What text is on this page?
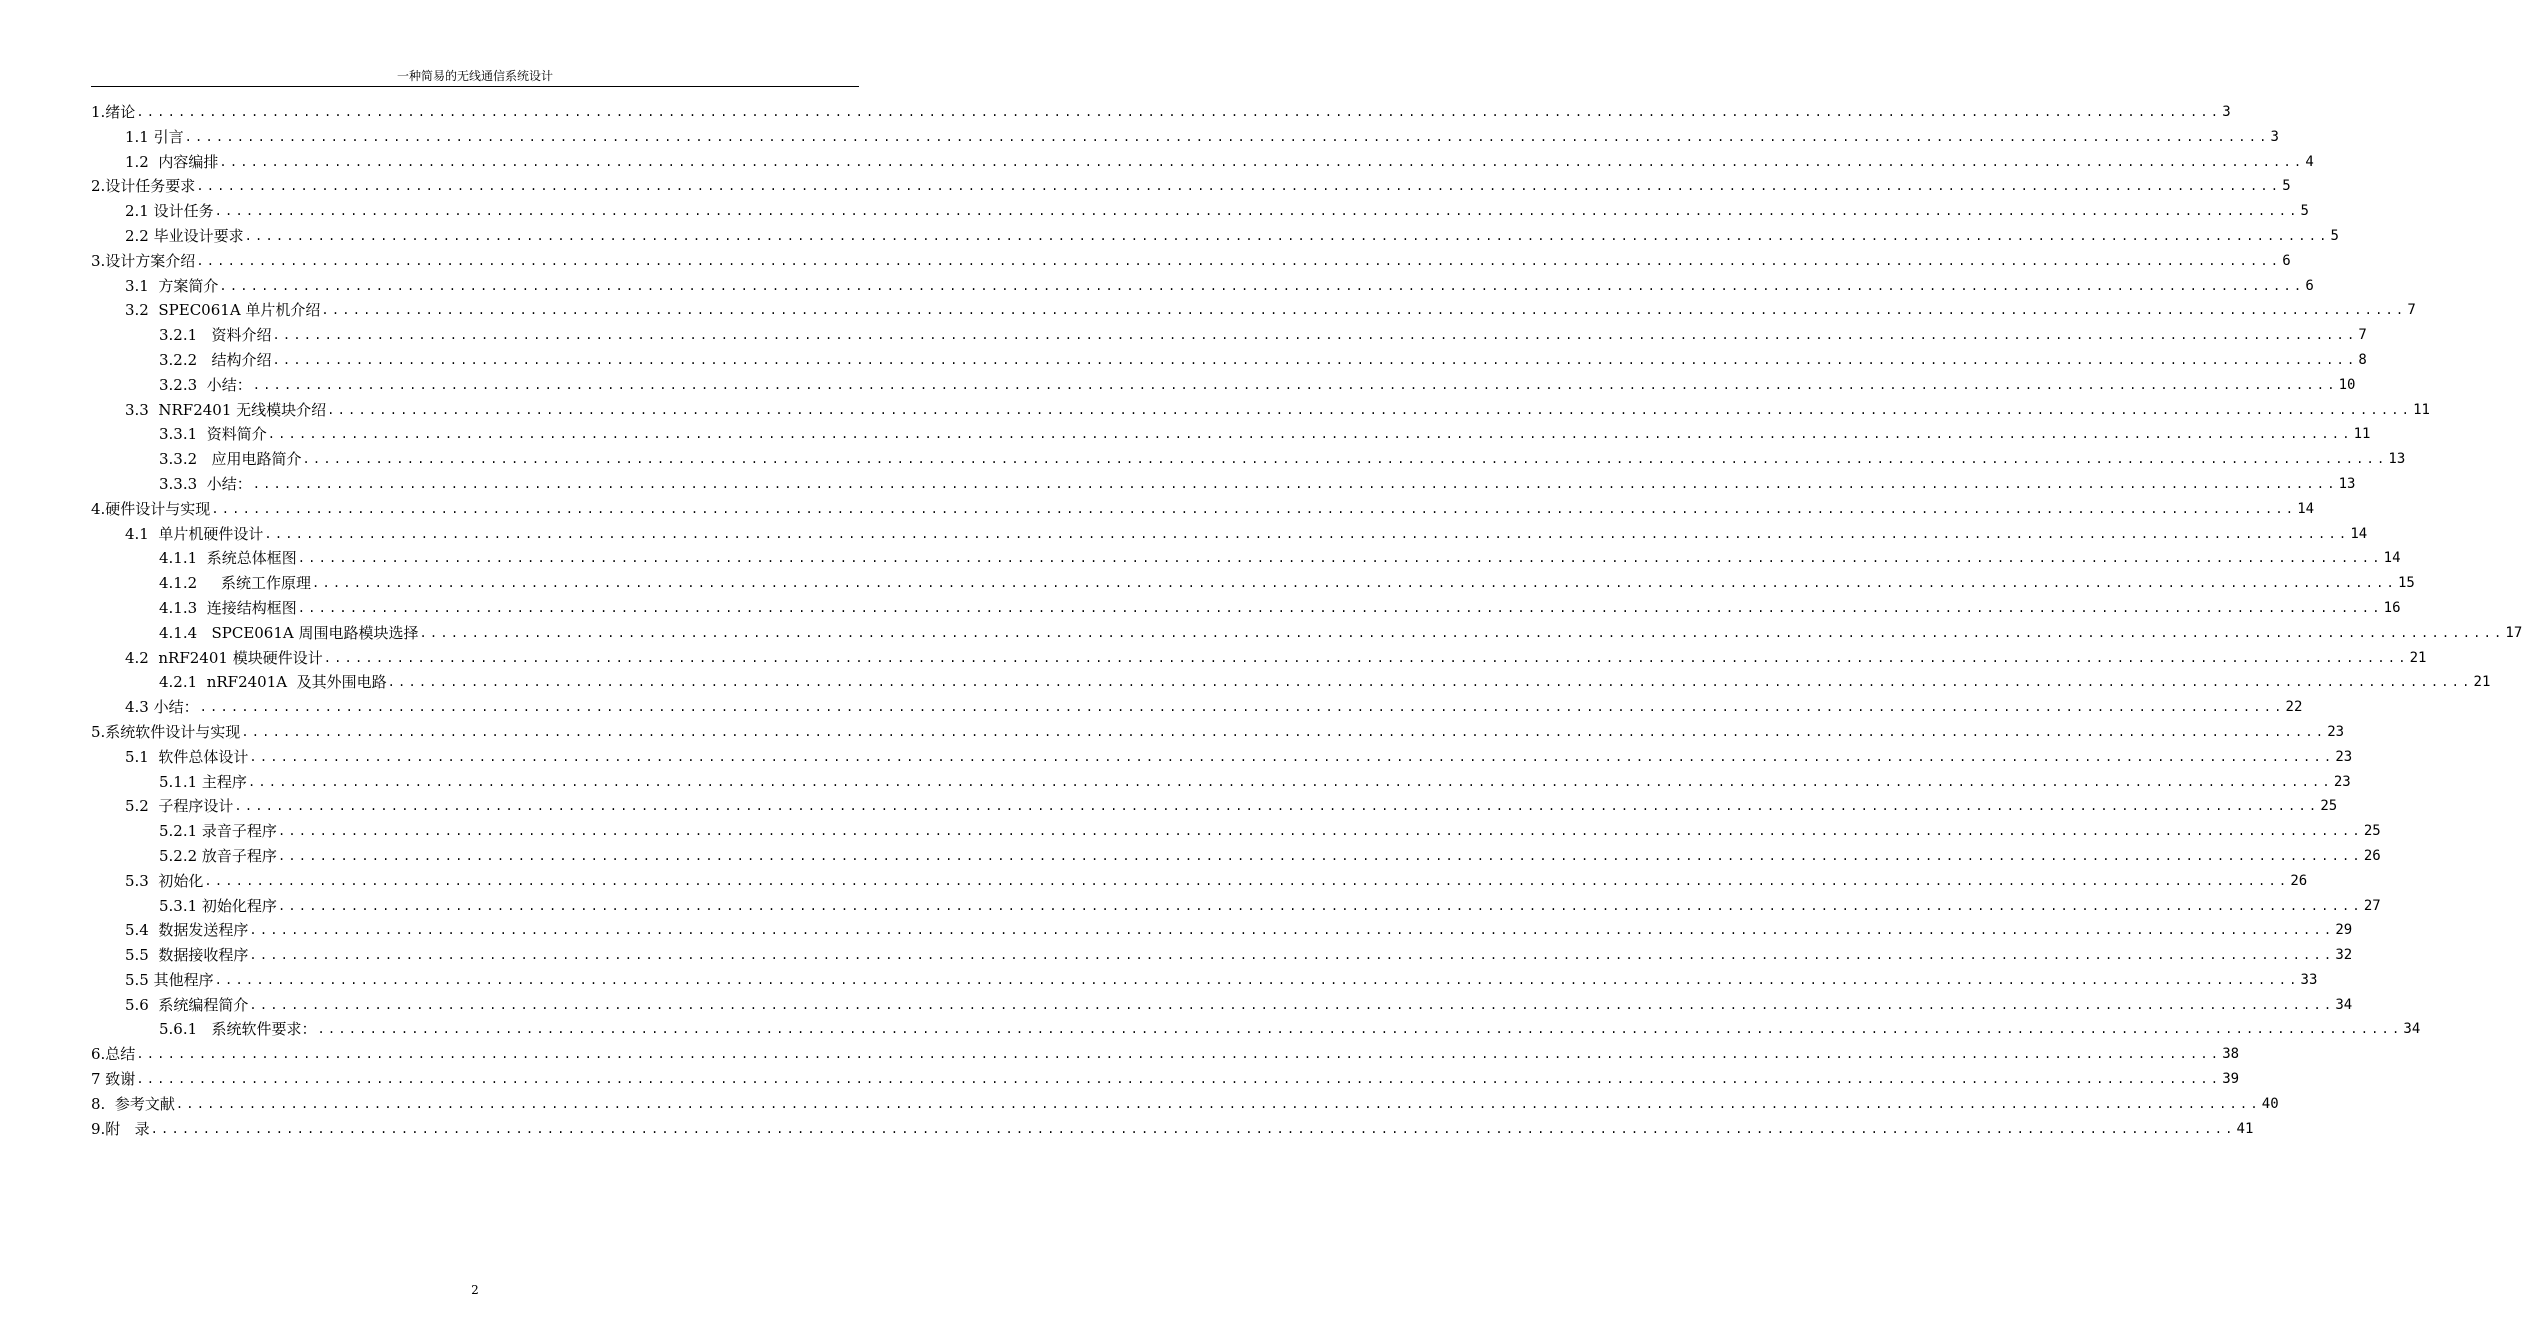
一种简易的无线通信系统设计
1.绪论 ........................................................................................................................................................................................................ 3
1.1 引言 ........................................................................................................................................................................................................ 3
1.2  内容编排 ........................................................................................................................................................................................................ 4
2.设计任务要求 ........................................................................................................................................................................................................ 5
2.1 设计任务 ........................................................................................................................................................................................................ 5
2.2 毕业设计要求 ........................................................................................................................................................................................................ 5
3.设计方案介绍 ........................................................................................................................................................................................................ 6
3.1  方案简介 ........................................................................................................................................................................................................ 6
3.2  SPEC061A 单片机介绍 ........................................................................................................................................................................................................ 7
3.2.1   资料介绍 ........................................................................................................................................................................................................ 7
3.2.2   结构介绍 ........................................................................................................................................................................................................ 8
3.2.3  小结： ........................................................................................................................................................................................................ 10
3.3  NRF2401 无线模块介绍 ........................................................................................................................................................................................................ 11
3.3.1  资料简介 ........................................................................................................................................................................................................ 11
3.3.2   应用电路简介 ........................................................................................................................................................................................................ 13
3.3.3  小结： ........................................................................................................................................................................................................ 13
4.硬件设计与实现 ........................................................................................................................................................................................................ 14
4.1  单片机硬件设计 ........................................................................................................................................................................................................ 14
4.1.1  系统总体框图 ........................................................................................................................................................................................................ 14
4.1.2     系统工作原理 ........................................................................................................................................................................................................ 15
4.1.3  连接结构框图 ........................................................................................................................................................................................................ 16
4.1.4   SPCE061A 周围电路模块选择 ........................................................................................................................................................................................................ 17
4.2  nRF2401 模块硬件设计 ........................................................................................................................................................................................................ 21
4.2.1  nRF2401A  及其外围电路 ........................................................................................................................................................................................................ 21
4.3 小结： ........................................................................................................................................................................................................ 22
5.系统软件设计与实现 ........................................................................................................................................................................................................ 23
5.1  软件总体设计 ........................................................................................................................................................................................................ 23
5.1.1 主程序 ........................................................................................................................................................................................................ 23
5.2  子程序设计 ........................................................................................................................................................................................................ 25
5.2.1 录音子程序 ........................................................................................................................................................................................................ 25
5.2.2 放音子程序 ........................................................................................................................................................................................................ 26
5.3  初始化 ........................................................................................................................................................................................................ 26
5.3.1 初始化程序 ........................................................................................................................................................................................................ 27
5.4  数据发送程序 ........................................................................................................................................................................................................ 29
5.5  数据接收程序 ........................................................................................................................................................................................................ 32
5.5 其他程序 ........................................................................................................................................................................................................ 33
5.6  系统编程简介 ........................................................................................................................................................................................................ 34
5.6.1   系统软件要求： ........................................................................................................................................................................................................ 34
6.总结 ........................................................................................................................................................................................................ 38
7 致谢 ........................................................................................................................................................................................................ 39
8.  参考文献 ........................................................................................................................................................................................................ 40
9.附   录 ........................................................................................................................................................................................................ 41
2
